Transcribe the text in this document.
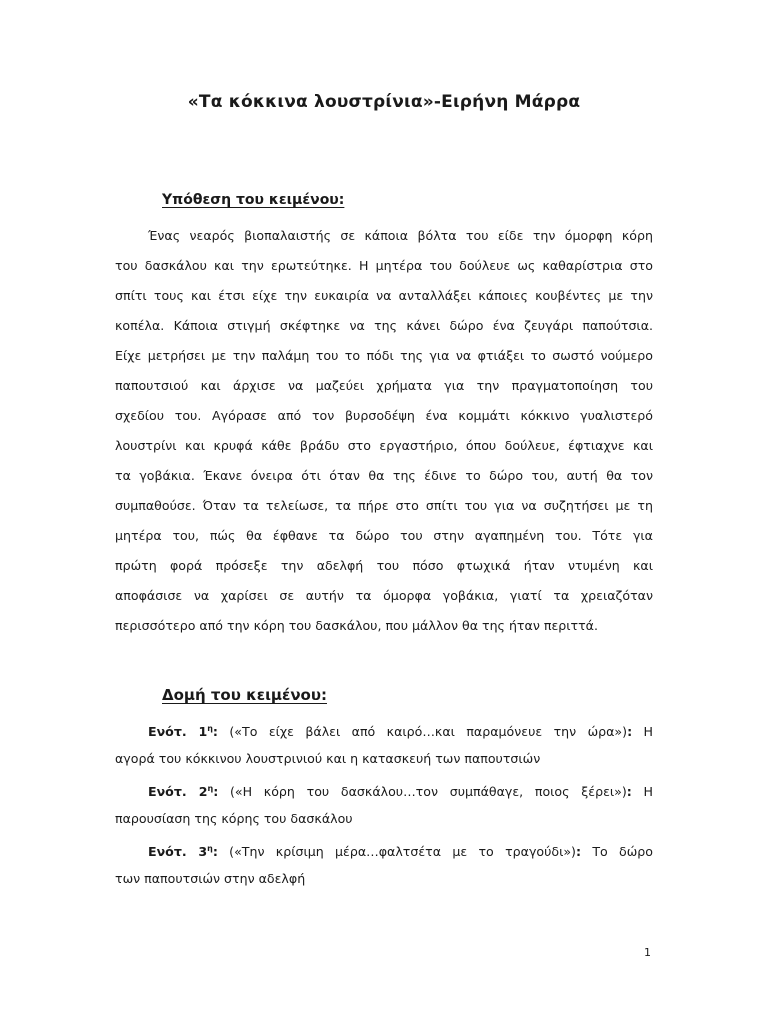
«Τα κόκκινα λουστρίνια»-Ειρήνη Μάρρα
Υπόθεση του κειμένου:
Ένας νεαρός βιοπαλαιστής σε κάποια βόλτα του είδε την όμορφη κόρη
του δασκάλου και την ερωτεύτηκε. Η μητέρα του δούλευε ως καθαρίστρια στο
σπίτι τους και έτσι είχε την ευκαιρία να ανταλλάξει κάποιες κουβέντες με την
κοπέλα. Κάποια στιγμή σκέφτηκε να της κάνει δώρο ένα ζευγάρι παπούτσια.
Είχε μετρήσει με την παλάμη του το πόδι της για να φτιάξει το σωστό νούμερο
παπουτσιού και άρχισε να μαζεύει χρήματα για την πραγματοποίηση του
σχεδίου του. Αγόρασε από τον βυρσοδέψη ένα κομμάτι κόκκινο γυαλιστερό
λουστρίνι και κρυφά κάθε βράδυ στο εργαστήριο, όπου δούλευε, έφτιαχνε και
τα γοβάκια. Έκανε όνειρα ότι όταν θα της έδινε το δώρο του, αυτή θα τον
συμπαθούσε. Όταν τα τελείωσε, τα πήρε στο σπίτι του για να συζητήσει με τη
μητέρα του, πώς θα έφθανε τα δώρο του στην αγαπημένη του. Τότε για
πρώτη φορά πρόσεξε την αδελφή του πόσο φτωχικά ήταν ντυμένη και
αποφάσισε να χαρίσει σε αυτήν τα όμορφα γοβάκια, γιατί τα χρειαζόταν
περισσότερο από την κόρη του δασκάλου, που μάλλον θα της ήταν περιττά.
Δομή του κειμένου:
Ενότ. $1^\eta$: («Το είχε βάλει από καιρό…και παραμόνευε την ώρα»): Η
αγορά του κόκκινου λουστρινιού και η κατασκευή των παπουτσιών
Ενότ. $2^\eta$: («Η κόρη του δασκάλου…τον συμπάθαγε, ποιος ξέρει»): Η
παρουσίαση της κόρης του δασκάλου
Ενότ. $3^\eta$: («Την κρίσιμη μέρα…φαλτσέτα με το τραγούδι»): Το δώρο
των παπουτσιών στην αδελφή
1
